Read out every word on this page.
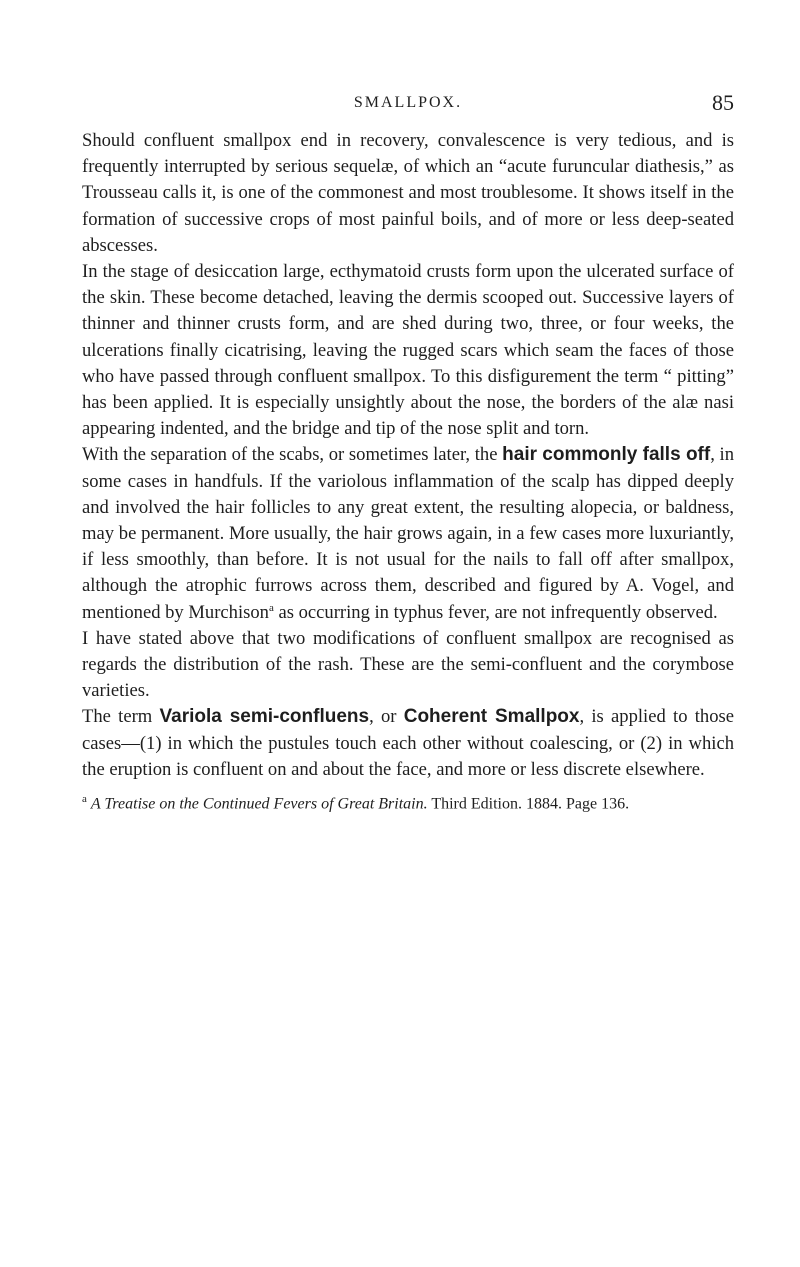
SMALLPOX.	85

Should confluent smallpox end in recovery, convalescence is very tedious, and is frequently interrupted by serious sequelæ, of which an “acute furuncular diathesis,” as Trousseau calls it, is one of the commonest and most troublesome. It shows itself in the formation of successive crops of most painful boils, and of more or less deep-seated abscesses.

In the stage of desiccation large, ecthymatoid crusts form upon the ulcerated surface of the skin. These become detached, leaving the dermis scooped out. Successive layers of thinner and thinner crusts form, and are shed during two, three, or four weeks, the ulcerations finally cicatrising, leaving the rugged scars which seam the faces of those who have passed through confluent smallpox. To this disfigurement the term “ pitting” has been applied. It is especially unsightly about the nose, the borders of the alæ nasi appearing indented, and the bridge and tip of the nose split and torn.

With the separation of the scabs, or sometimes later, the hair commonly falls off, in some cases in handfuls. If the variolous inflammation of the scalp has dipped deeply and involved the hair follicles to any great extent, the resulting alopecia, or baldness, may be permanent. More usually, the hair grows again, in a few cases more luxuriantly, if less smoothly, than before. It is not usual for the nails to fall off after smallpox, although the atrophic furrows across them, described and figured by A. Vogel, and mentioned by Murchison$^a$ as occurring in typhus fever, are not infrequently observed.

I have stated above that two modifications of confluent smallpox are recognised as regards the distribution of the rash. These are the semi-confluent and the corymbose varieties.

The term Variola semi-confluens, or Coherent Smallpox, is applied to those cases—(1) in which the pustules touch each other without coalescing, or (2) in which the eruption is confluent on and about the face, and more or less discrete elsewhere.

$^a$ A Treatise on the Continued Fevers of Great Britain. Third Edition. 1884. Page 136.
